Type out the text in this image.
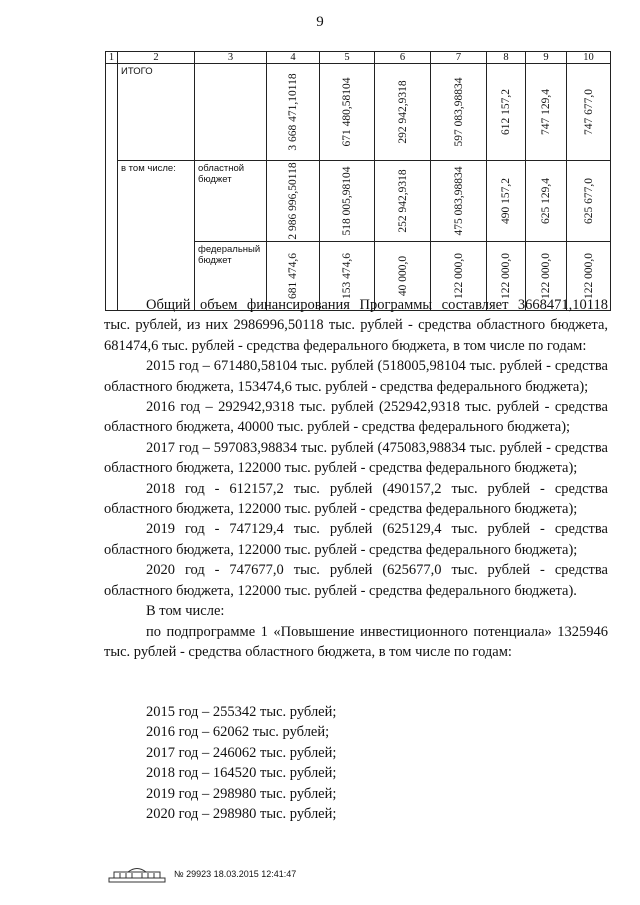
9
1	2	3	4	5	6	7	8	9	10

	ИТОГО		3 668 471,10118	671 480,58104	292 942,9318	597 083,98834	612 157,2	747 129,4	747 677,0

	в том числе:	областной бюджет	2 986 996,50118	518 005,98104	252 942,9318	475 083,98834	490 157,2	625 129,4	625 677,0

		федеральный бюджет	681 474,6	153 474,6	40 000,0	122 000,0	122 000,0	122 000,0	122 000,0

Общий объем финансирования Программы составляет 3668471,10118 тыс. рублей, из них 2986996,50118 тыс. рублей - средства областного бюджета, 681474,6 тыс. рублей - средства федерального бюджета, в том числе по годам:

2015 год – 671480,58104 тыс. рублей (518005,98104 тыс. рублей - средства областного бюджета, 153474,6 тыс. рублей - средства федерального бюджета);

2016 год – 292942,9318 тыс. рублей (252942,9318 тыс. рублей - средства областного бюджета, 40000 тыс. рублей - средства федерального бюджета);

2017 год – 597083,98834 тыс. рублей (475083,98834 тыс. рублей - средства областного бюджета, 122000 тыс. рублей - средства федерального бюджета);

2018 год - 612157,2 тыс. рублей (490157,2 тыс. рублей - средства областного бюджета, 122000 тыс. рублей - средства федерального бюджета);

2019 год - 747129,4 тыс. рублей (625129,4 тыс. рублей - средства областного бюджета, 122000 тыс. рублей - средства федерального бюджета);

2020 год - 747677,0 тыс. рублей (625677,0 тыс. рублей - средства областного бюджета, 122000 тыс. рублей - средства федерального бюджета).

В том числе:

по подпрограмме 1 «Повышение инвестиционного потенциала» 1325946 тыс. рублей - средства областного бюджета, в том числе по годам:

2015 год – 255342 тыс. рублей;
2016 год – 62062 тыс. рублей;
2017 год – 246062 тыс. рублей;
2018 год – 164520 тыс. рублей;
2019 год – 298980 тыс. рублей;
2020 год – 298980 тыс. рублей;
№ 29923 18.03.2015 12:41:47
